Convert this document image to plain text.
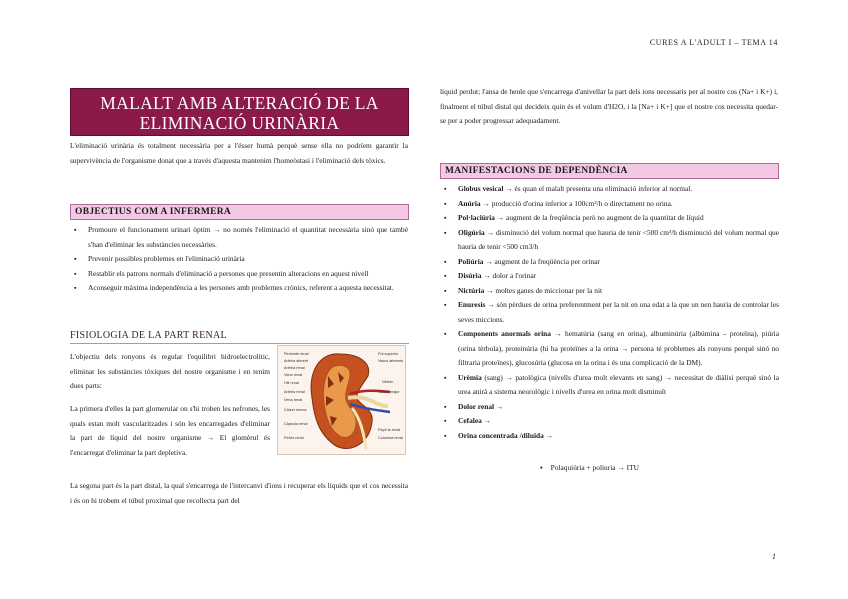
CURES A L'ADULT I – TEMA 14
MALALT AMB ALTERACIÓ DE LA ELIMINACIÓ URINÀRIA

L'eliminació urinària és totalment necessària per a l'ésser humà perquè sense ella no podríem garantir la supervivència de l'organisme donat que a través d'aquesta mantenim l'homeòstasi i l'eliminació dels tòxics.

OBJECTIUS COM A INFERMERA
▪ Promoure el funcionament urinari òptim → no només l'eliminació el quantitat necessària sinó que també s'han d'eliminar les substàncies necessàries.
▪ Prevenir possibles problemes en l'eliminació urinària
▪ Restablir els patrons normals d'eliminació a persones que presentin alteracions en aquest nivell
▪ Aconseguir màxima independència a les persones amb problemes crònics, referent a aquesta necessitat.
FISIOLOGIA DE LA PART RENAL

L'objectiu dels ronyons és regular l'equilibri hidroelectrolític, eliminar les substàncies tòxiques del nostre organisme i en tenim dues parts:

La primera d'elles la part glomerular on s'hi troben les nefrones, les quals estan molt vascularitzades i són les encarregades d'eliminar la part de líquid del nostre organisme → El glomèrul és l'encarregat d'eliminar la part depletiva.

Piràmide renal
Artèria aferent
Artèria renal
Vena renal
Hili renal
Artèria renal
Vena renal
Càlzer menor
Càpsula renal
Pelvis renal
Pol superior
Vasos aferents
Nefrón
Càlzer major
Papil·la renal
Columna renal

La segona part és la part distal, la qual s'encarrega de l'intercanvi d'ions i recuperar els líquids que el cos necessita i és on hi trobem el túbul proximal que recollecta part del

líquid perdut; l'ansa de henle que s'encarrega d'anivellar la part dels ions necessaris per al nostre cos (Na+ i K+) i, finalment el túbul distal qui decideix quin és el volum d'H2O, i la [Na+ i K+] que el nostre cos necessita quedar-se per a poder progressar adequadament.

MANIFESTACIONS DE DEPENDÈNCIA
▪ Globus vesical → és quan el malalt presenta una eliminació inferior al normal.
▪ Anúria → producció d'orina inferior a 100cm³/h o directament no orina.
▪ Pol·laciúria → augment de la freqüència però no augment de la quantitat de líquid
▪ Oligúria → disminució del volum normal que hauria de tenir <500 cm³/h disminució del volum normal que hauria de tenir <500 cm3/h
▪ Poliúria → augment de la freqüència per orinar
▪ Disúria → dolor a l'orinar
▪ Nictúria → moltes ganes de miccionar per la nit
▪ Enuresis → són pèrdues de orina preferentment per la nit en una edat a la que un nen hauria de controlar les seves miccions.
▪ Components anormals orina → hematúria (sang en orina), albuminúria (albúmina – proteïna), piúria (orina tèrbola), proteinúria (hi ha proteïnes a la orina → persona té problemes als ronyons perquè sinó no filtraria proteïnes), glucosúria (glucosa en la orina i és una complicació de la DM).
▪ Urèmia (sang) → patològica (nivells d'urea molt elevants en sang) → necessitat de diàlisi perquè sinó la urea anirà a sistema neurològic i nivells d'urea en orina molt disminuït
▪ Dolor renal →
▪ Cefalea →
▪ Orina concentrada /diluïda →
▪ Polaquiúria + poliuria → ITU
1
